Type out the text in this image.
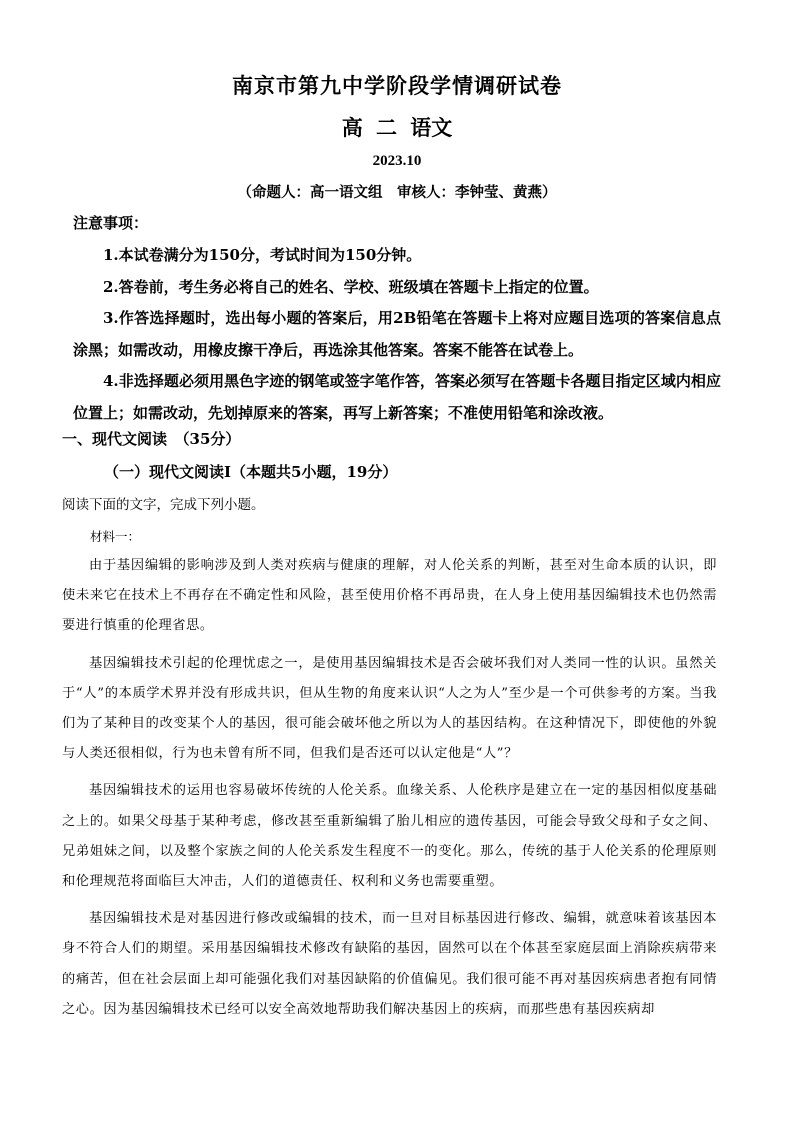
南京市第九中学阶段学情调研试卷
高 二 语文
2023.10
（命题人：高一语文组　审核人：李钟莹、黄燕）
注意事项：

1.本试卷满分为150分，考试时间为150分钟。

2.答卷前，考生务必将自己的姓名、学校、班级填在答题卡上指定的位置。

3.作答选择题时，选出每小题的答案后，用2B铅笔在答题卡上将对应题目选项的答案信息点涂黑；如需改动，用橡皮擦干净后，再选涂其他答案。答案不能答在试卷上。

4.非选择题必须用黑色字迹的钢笔或签字笔作答，答案必须写在答题卡各题目指定区域内相应位置上；如需改动，先划掉原来的答案，再写上新答案；不准使用铅笔和涂改液。

一、现代文阅读　（35分）
（一）现代文阅读Ⅰ（本题共5小题，19分）
阅读下面的文字，完成下列小题。
材料一：

由于基因编辑的影响涉及到人类对疾病与健康的理解，对人伦关系的判断，甚至对生命本质的认识，即使未来它在技术上不再存在不确定性和风险，甚至使用价格不再昂贵，在人身上使用基因编辑技术也仍然需要进行慎重的伦理省思。

基因编辑技术引起的伦理忧虑之一，是使用基因编辑技术是否会破坏我们对人类同一性的认识。虽然关于“人”的本质学术界并没有形成共识，但从生物的角度来认识“人之为人”至少是一个可供参考的方案。当我们为了某种目的改变某个人的基因，很可能会破坏他之所以为人的基因结构。在这种情况下，即使他的外貌与人类还很相似，行为也未曾有所不同，但我们是否还可以认定他是“人”？

基因编辑技术的运用也容易破坏传统的人伦关系。血缘关系、人伦秩序是建立在一定的基因相似度基础之上的。如果父母基于某种考虑，修改甚至重新编辑了胎儿相应的遗传基因，可能会导致父母和子女之间、兄弟姐妹之间，以及整个家族之间的人伦关系发生程度不一的变化。那么，传统的基于人伦关系的伦理原则和伦理规范将面临巨大冲击，人们的道德责任、权利和义务也需要重塑。

基因编辑技术是对基因进行修改或编辑的技术，而一旦对目标基因进行修改、编辑，就意味着该基因本身不符合人们的期望。采用基因编辑技术修改有缺陷的基因，固然可以在个体甚至家庭层面上消除疾病带来的痛苦，但在社会层面上却可能强化我们对基因缺陷的价值偏见。我们很可能不再对基因疾病患者抱有同情之心。因为基因编辑技术已经可以安全高效地帮助我们解决基因上的疾病，而那些患有基因疾病却
